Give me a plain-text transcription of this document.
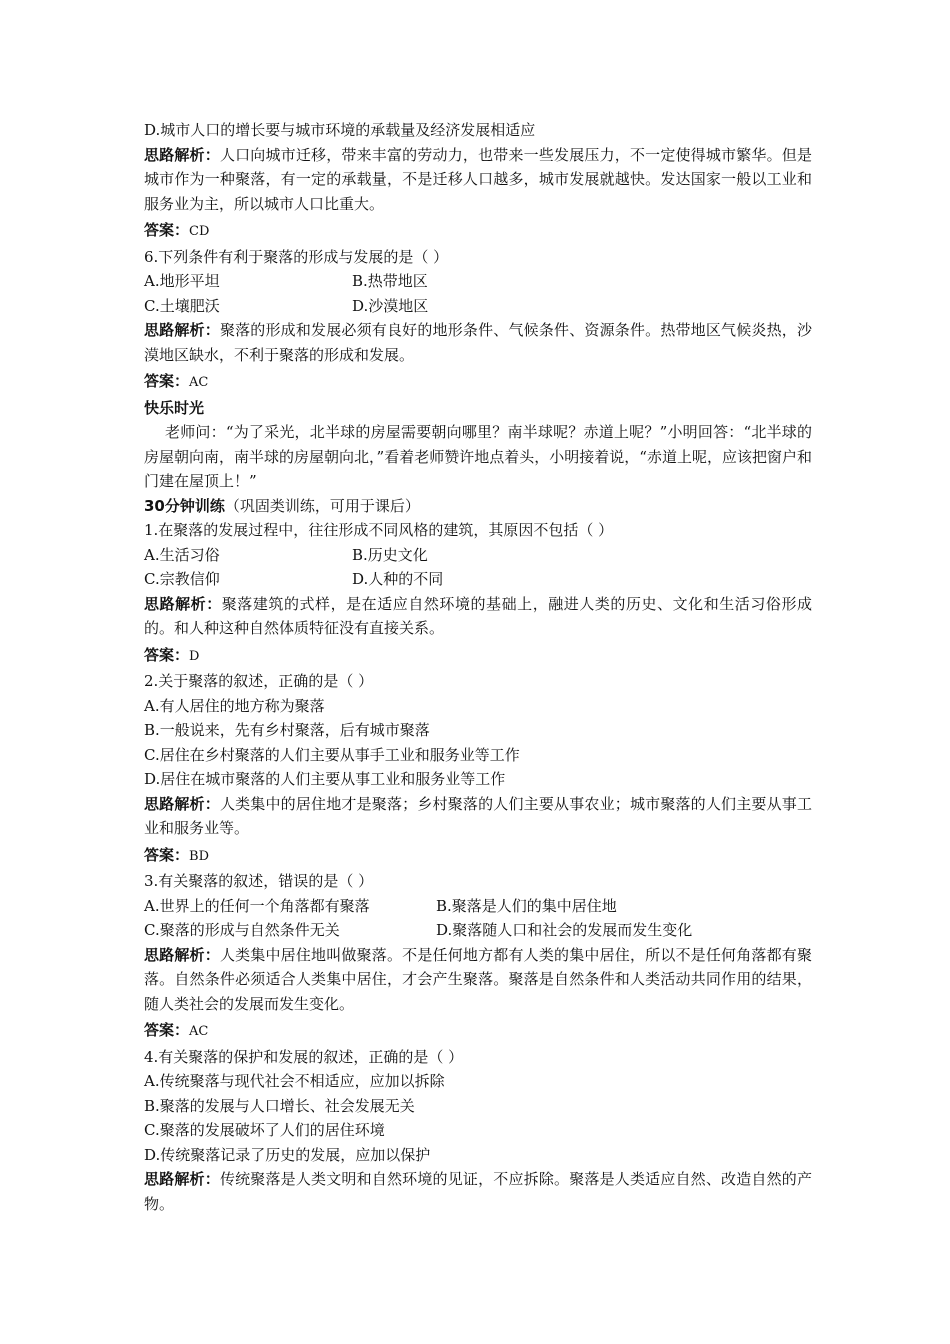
D.城市人口的增长要与城市环境的承载量及经济发展相适应
思路解析：人口向城市迁移，带来丰富的劳动力，也带来一些发展压力，不一定使得城市繁华。但是城市作为一种聚落，有一定的承载量，不是迁移人口越多，城市发展就越快。发达国家一般以工业和服务业为主，所以城市人口比重大。
答案：CD
6.下列条件有利于聚落的形成与发展的是（ ）
A.地形平坦	B.热带地区
C.土壤肥沃	D.沙漠地区
思路解析：聚落的形成和发展必须有良好的地形条件、气候条件、资源条件。热带地区气候炎热，沙漠地区缺水，不利于聚落的形成和发展。
答案：AC
快乐时光
老师问：“为了采光，北半球的房屋需要朝向哪里？南半球呢？赤道上呢？”小明回答：“北半球的房屋朝向南，南半球的房屋朝向北，”看着老师赞许地点着头，小明接着说，“赤道上呢，应该把窗户和门建在屋顶上！”
30分钟训练（巩固类训练，可用于课后）
1.在聚落的发展过程中，往往形成不同风格的建筑，其原因不包括（ ）
A.生活习俗	B.历史文化
C.宗教信仰	D.人种的不同
思路解析：聚落建筑的式样，是在适应自然环境的基础上，融进人类的历史、文化和生活习俗形成的。和人种这种自然体质特征没有直接关系。
答案：D
2.关于聚落的叙述，正确的是（ ）
A.有人居住的地方称为聚落
B.一般说来，先有乡村聚落，后有城市聚落
C.居住在乡村聚落的人们主要从事手工业和服务业等工作
D.居住在城市聚落的人们主要从事工业和服务业等工作
思路解析：人类集中的居住地才是聚落；乡村聚落的人们主要从事农业；城市聚落的人们主要从事工业和服务业等。
答案：BD
3.有关聚落的叙述，错误的是（ ）
A.世界上的任何一个角落都有聚落	B.聚落是人们的集中居住地
C.聚落的形成与自然条件无关	D.聚落随人口和社会的发展而发生变化
思路解析：人类集中居住地叫做聚落。不是任何地方都有人类的集中居住，所以不是任何角落都有聚落。自然条件必须适合人类集中居住，才会产生聚落。聚落是自然条件和人类活动共同作用的结果，随人类社会的发展而发生变化。
答案：AC
4.有关聚落的保护和发展的叙述，正确的是（ ）
A.传统聚落与现代社会不相适应，应加以拆除
B.聚落的发展与人口增长、社会发展无关
C.聚落的发展破坏了人们的居住环境
D.传统聚落记录了历史的发展，应加以保护
思路解析：传统聚落是人类文明和自然环境的见证，不应拆除。聚落是人类适应自然、改造自然的产物。
